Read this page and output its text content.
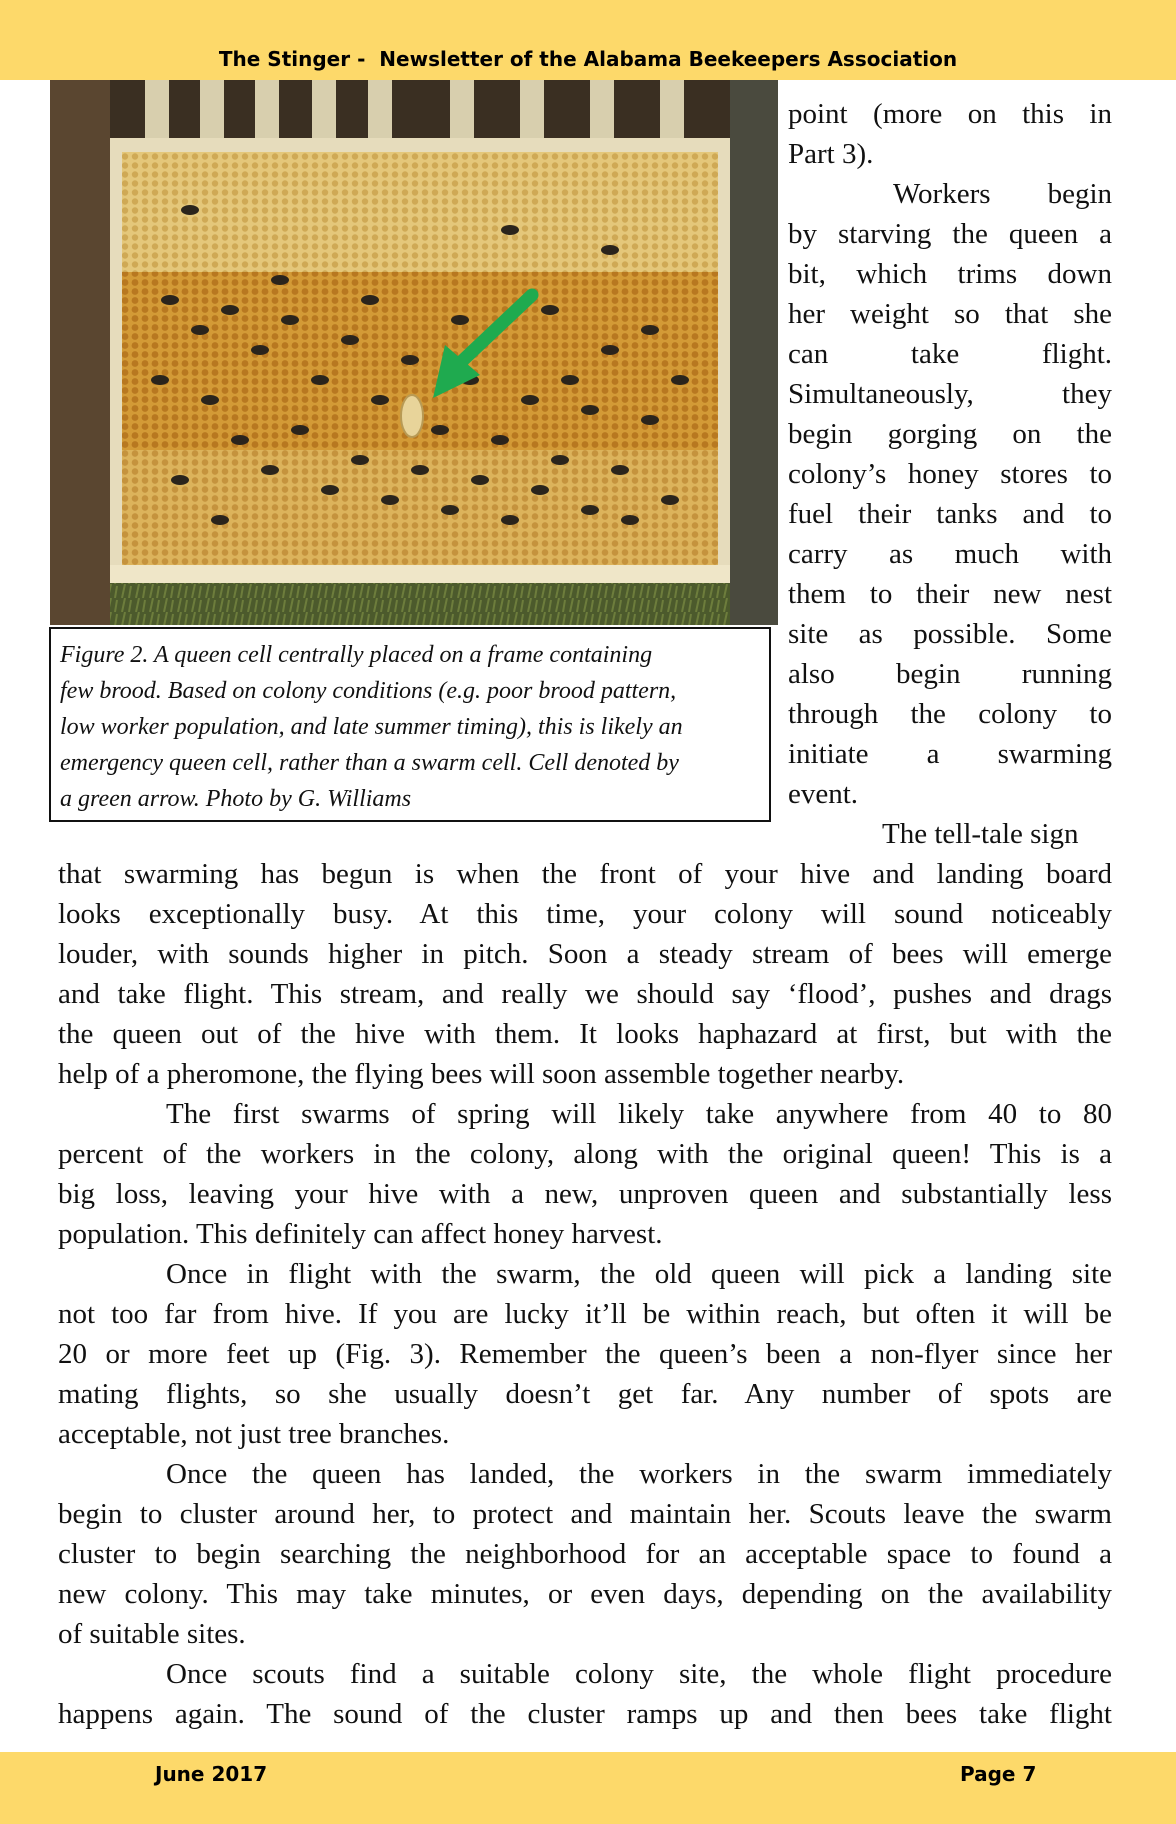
The Stinger -  Newsletter of the Alabama Beekeepers Association

Figure 2. A queen cell centrally placed on a frame containing
few brood. Based on colony conditions (e.g. poor brood pattern,
low worker population, and late summer timing), this is likely an
emergency queen cell, rather than a swarm cell. Cell denoted by
a green arrow. Photo by G. Williams

point (more on this in
Part 3).
Workers begin
by starving the queen a
bit, which trims down
her weight so that she
can take flight.
Simultaneously, they
begin gorging on the
colony’s honey stores to
fuel their tanks and to
carry as much with
them to their new nest
site as possible. Some
also begin running
through the colony to
initiate a swarming
event.
The tell-tale sign
that swarming has begun is when the front of your hive and landing board
looks exceptionally busy. At this time, your colony will sound noticeably
louder, with sounds higher in pitch. Soon a steady stream of bees will emerge
and take flight. This stream, and really we should say ‘flood’, pushes and drags
the queen out of the hive with them. It looks haphazard at first, but with the
help of a pheromone, the flying bees will soon assemble together nearby.
The first swarms of spring will likely take anywhere from 40 to 80
percent of the workers in the colony, along with the original queen! This is a
big loss, leaving your hive with a new, unproven queen and substantially less
population. This definitely can affect honey harvest.
Once in flight with the swarm, the old queen will pick a landing site
not too far from hive. If you are lucky it’ll be within reach, but often it will be
20 or more feet up (Fig. 3). Remember the queen’s been a non-flyer since her
mating flights, so she usually doesn’t get far. Any number of spots are
acceptable, not just tree branches.
Once the queen has landed, the workers in the swarm immediately
begin to cluster around her, to protect and maintain her. Scouts leave the swarm
cluster to begin searching the neighborhood for an acceptable space to found a
new colony. This may take minutes, or even days, depending on the availability
of suitable sites.
Once scouts find a suitable colony site, the whole flight procedure
happens again. The sound of the cluster ramps up and then bees take flight
June 2017	Page 7
